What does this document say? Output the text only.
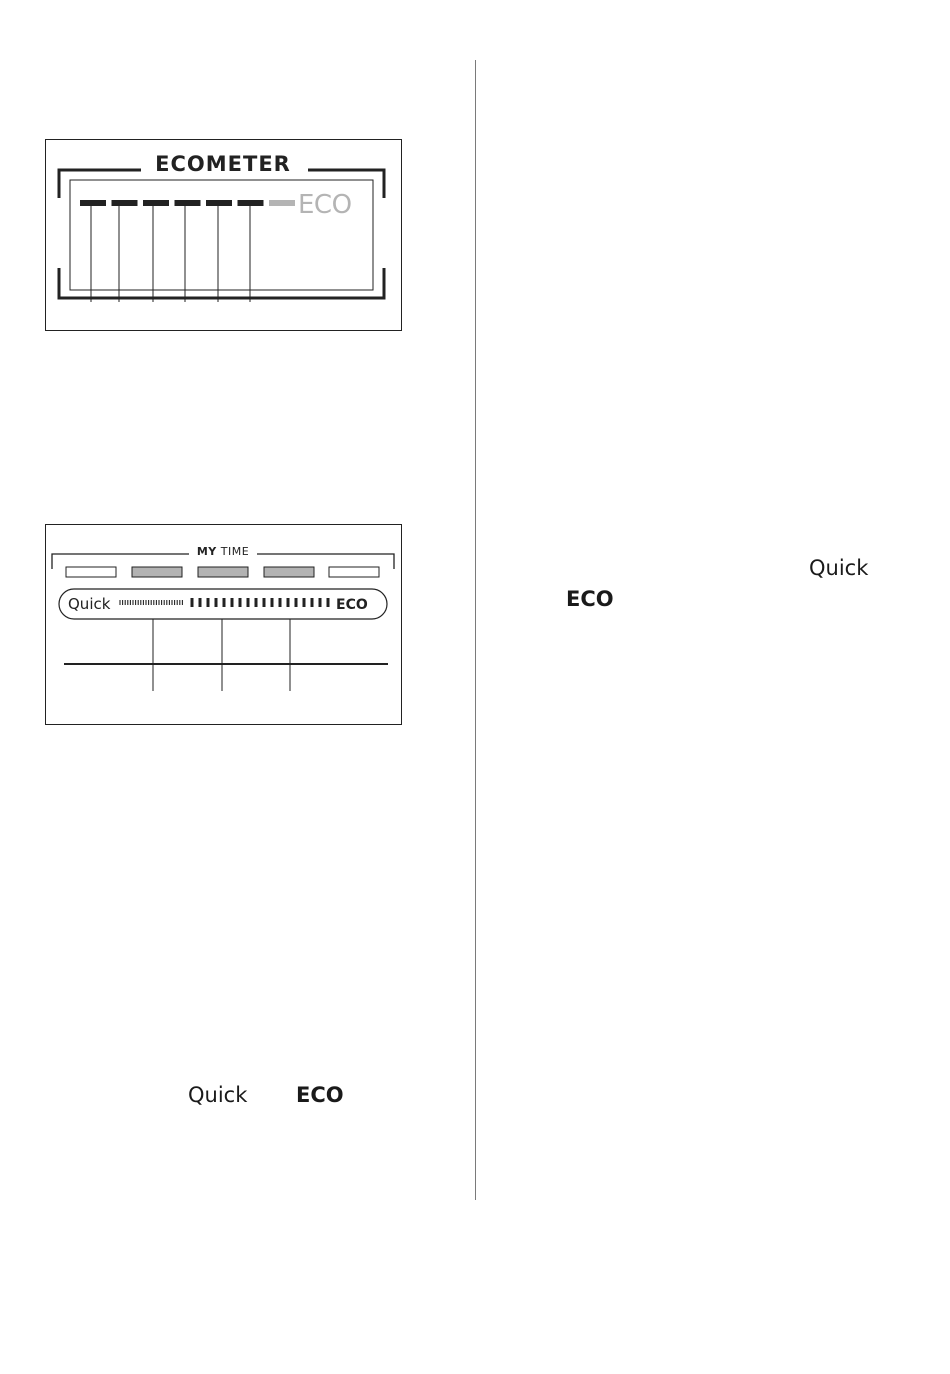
ECOMETER
ECO
MY TIME
Quick	ECO
Quick ECO
Quick
ECO
